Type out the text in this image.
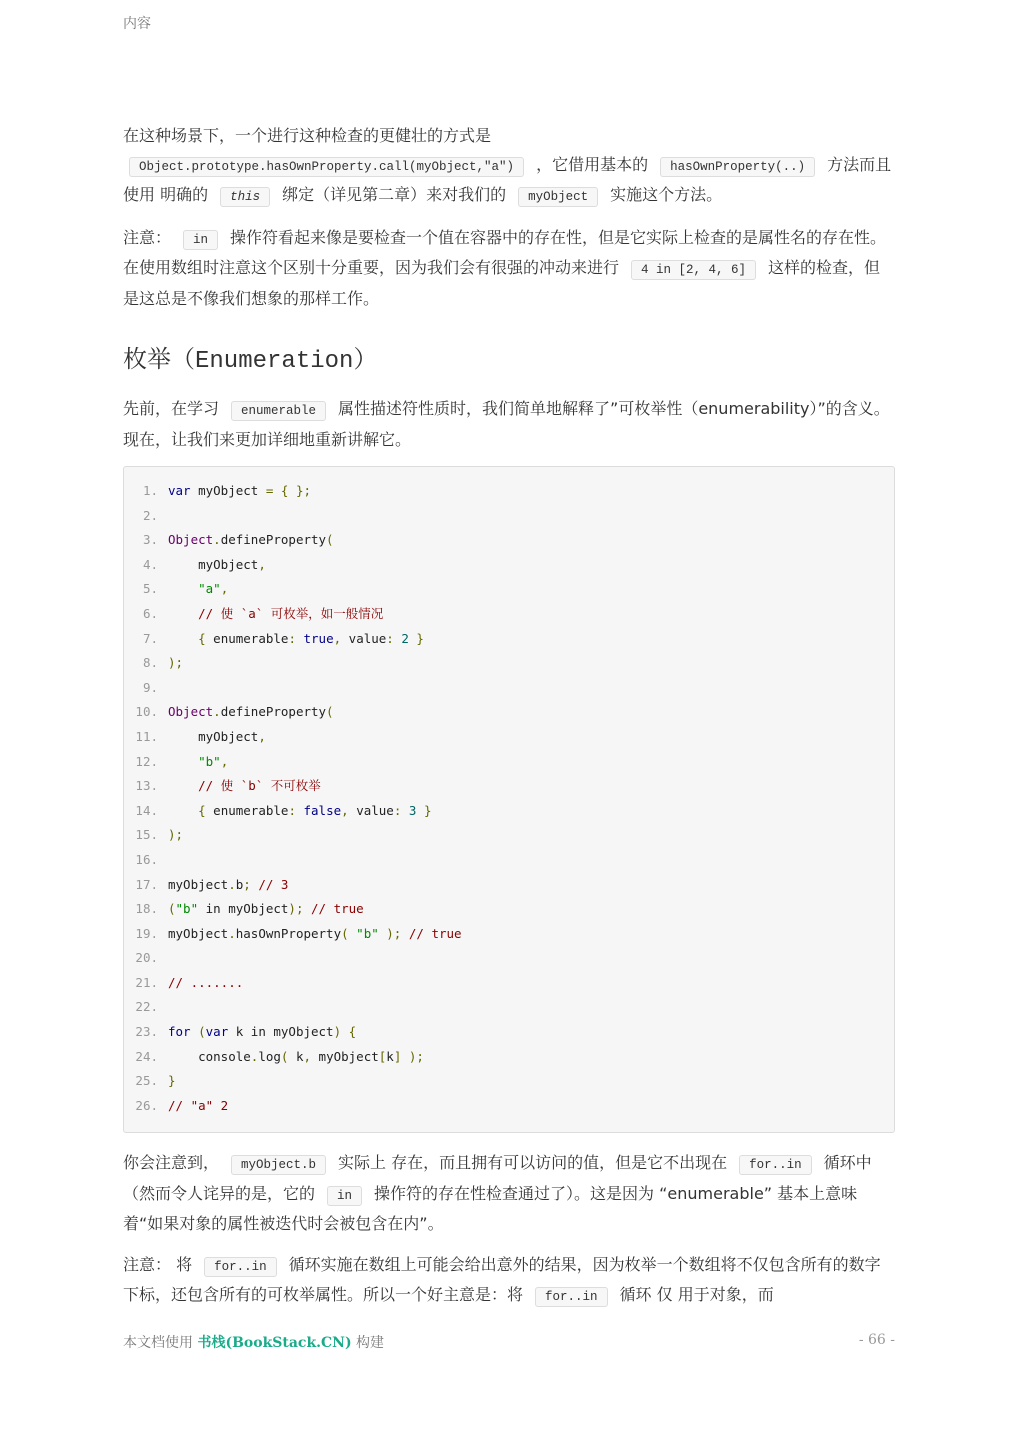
内容

在这种场景下，一个进行这种检查的更健壮的方式是
Object.prototype.hasOwnProperty.call(myObject,"a") ，它借用基本的 hasOwnProperty(..) 方法而且使用 明确的 this 绑定（详见第二章）来对我们的 myObject 实施这个方法。

注意： in 操作符看起来像是要检查一个值在容器中的存在性，但是它实际上检查的是属性名的存在性。在使用数组时注意这个区别十分重要，因为我们会有很强的冲动来进行 4 in [2, 4, 6] 这样的检查，但是这总是不像我们想象的那样工作。

枚举（Enumeration）

先前，在学习 enumerable 属性描述符性质时，我们简单地解释了”可枚举性（enumerability）”的含义。现在，让我们来更加详细地重新讲解它。

1. var myObject = { };
2.
3. Object.defineProperty(
4.    myObject,
5.	"a",
6.    // 使 `a` 可枚举，如一般情况
7.	{ enumerable: true, value: 2 }
8. );
9.
10. Object.defineProperty(
11.    myObject,
12.	"b",
13.    // 使 `b` 不可枚举
14.	{ enumerable: false, value: 3 }
15. );
16.
17. myObject.b; // 3
18. ("b" in myObject); // true
19. myObject.hasOwnProperty( "b" ); // true
20.
21. // .......
22.
23. for (var k in myObject) {
24.    console.log( k, myObject[k] );
25. }
26. // "a" 2

你会注意到， myObject.b 实际上 存在，而且拥有可以访问的值，但是它不出现在 for..in 循环中（然而令人诧异的是，它的 in 操作符的存在性检查通过了）。这是因为 “enumerable” 基本上意味着“如果对象的属性被迭代时会被包含在内”。

注意： 将 for..in 循环实施在数组上可能会给出意外的结果，因为枚举一个数组将不仅包含所有的数字下标，还包含所有的可枚举属性。所以一个好主意是：将 for..in 循环 仅 用于对象，而

本文档使用 书栈(BookStack.CN) 构建	- 66 -
